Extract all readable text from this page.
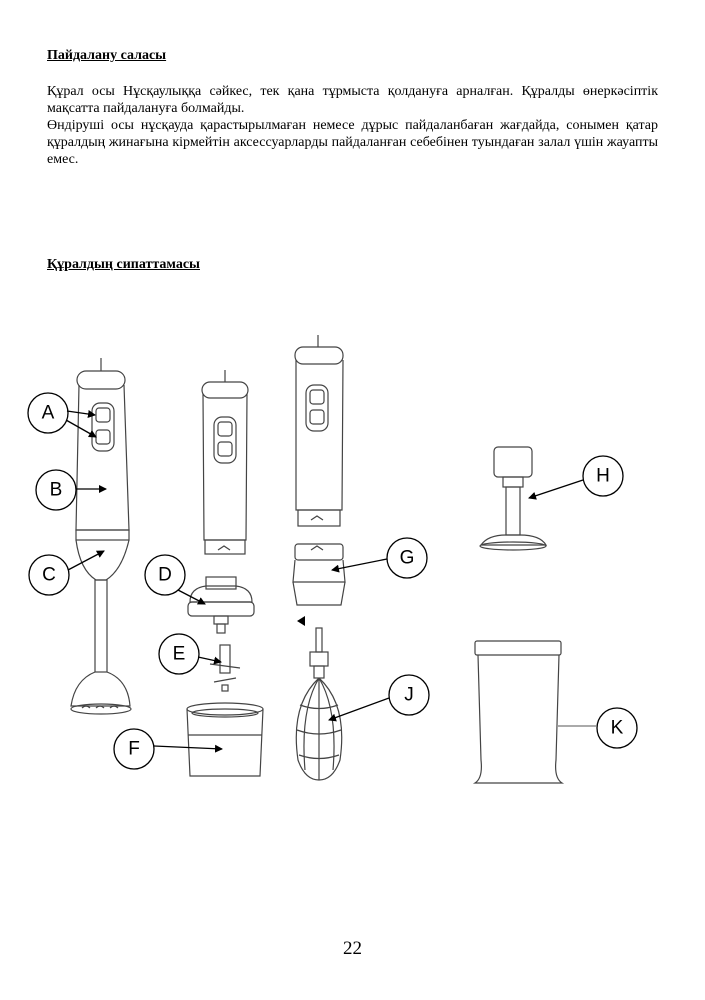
Пайдалану саласы

Құрал осы Нұсқаулыққа сәйкес, тек қана тұрмыста қолдануға арналған. Құралды өнеркәсіптік мақсатта пайдалануға болмайды.

Өндіруші осы нұсқауда қарастырылмаған немесе дұрыс пайдаланбаған жағдайда, сонымен қатар құралдың жинағына кірмейтін аксессуарларды пайдаланған себебінен туындаған залал үшін жауапты емес.

Құралдың сипаттамасы

A
B
C	D
E
F
G
H
J
K
22
